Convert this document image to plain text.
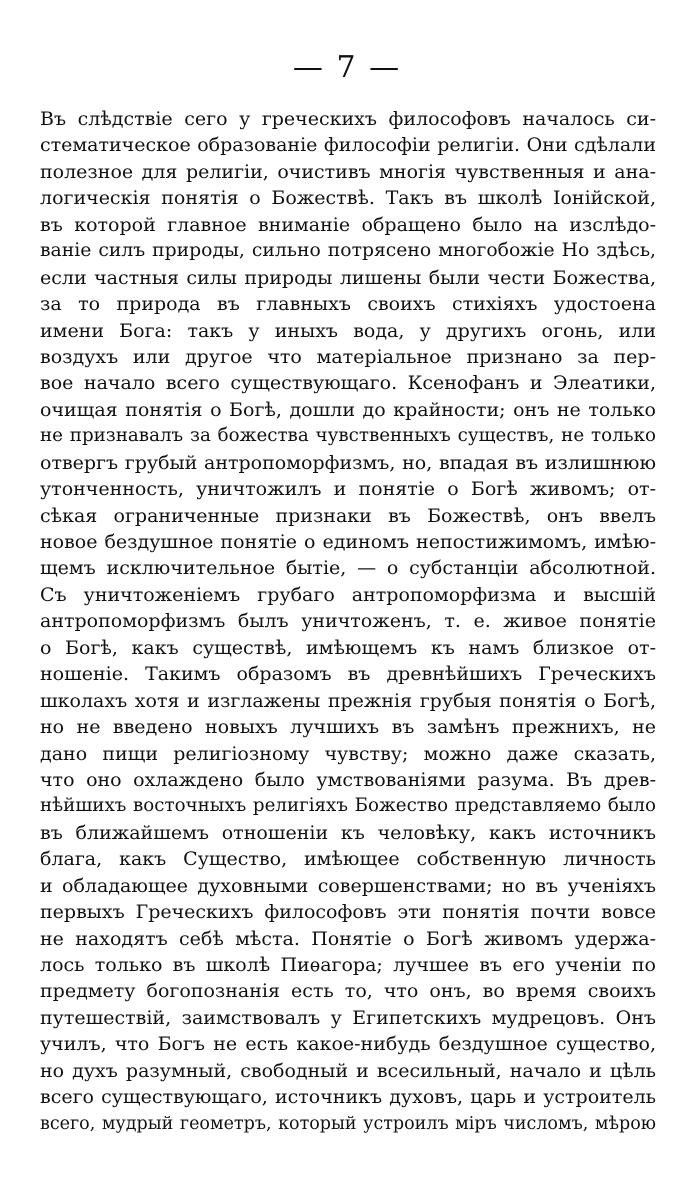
— 7 —
Въ слѣдствіе сего у греческихъ философовъ началось си-
стематическое образованіе философіи религіи. Они сдѣлали
полезное для религіи, очистивъ многія чувственныя и ана-
логическія понятія о Божествѣ. Такъ въ школѣ Іонійской,
въ которой главное вниманіе обращено было на изслѣдо-
ваніе силъ природы, сильно потрясено многобожіе Но здѣсь,
если частныя силы природы лишены были чести Божества,
за то природа въ главныхъ своихъ стихіяхъ удостоена
имени Бога: такъ у иныхъ вода, у другихъ огонь, или
воздухъ или другое что матеріальное признано за пер-
вое начало всего существующаго. Ксенофанъ и Элеатики,
очищая понятія о Богѣ, дошли до крайности; онъ не только
не признавалъ за божества чувственныхъ существъ, не только
отвергъ грубый антропоморфизмъ, но, впадая въ излишнюю
утонченность, уничтожилъ и понятіе о Богѣ живомъ; от-
сѣкая ограниченные признаки въ Божествѣ, онъ ввелъ
новое бездушное понятіе о единомъ непостижимомъ, имѣю-
щемъ исключительное бытіе, — о субстанціи абсолютной.
Съ уничтоженіемъ грубаго антропоморфизма и высшій
антропоморфизмъ былъ уничтоженъ, т. е. живое понятіе
о Богѣ, какъ существѣ, имѣющемъ къ намъ близкое от-
ношеніе. Такимъ образомъ въ древнѣйшихъ Греческихъ
школахъ хотя и изглажены прежнія грубыя понятія о Богѣ,
но не введено новыхъ лучшихъ въ замѣнъ прежнихъ, не
дано пищи религіозному чувству; можно даже сказать,
что оно охлаждено было умствованіями разума. Въ древ-
нѣйшихъ восточныхъ религіяхъ Божество представляемо было
въ ближайшемъ отношеніи къ человѣку, какъ источникъ
блага, какъ Существо, имѣющее собственную личность
и обладающее духовными совершенствами; но въ ученіяхъ
первыхъ Греческихъ философовъ эти понятія почти вовсе
не находятъ себѣ мѣста. Понятіе о Богѣ живомъ удержа-
лось только въ школѣ Пиѳагора; лучшее въ его ученіи по
предмету богопознанія есть то, что онъ, во время своихъ
путешествій, заимствовалъ у Египетскихъ мудрецовъ. Онъ
училъ, что Богъ не есть какое-нибудь бездушное существо,
но духъ разумный, свободный и всесильный, начало и цѣль
всего существующаго, источникъ духовъ, царь и устроитель
всего, мудрый геометръ, который устроилъ міръ числомъ, мѣрою
